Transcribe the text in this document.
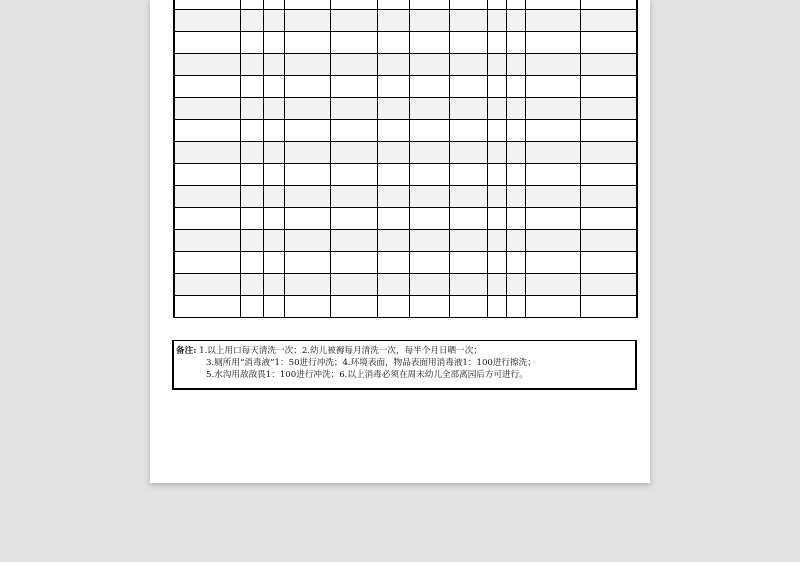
备注: 1.以上用口每天清洗一次；2.幼儿被褥每月清洗一次，每半个月日晒一次；
3.厕所用“消毒液”1：50进行冲洗；4.环境表面，物品表面用消毒液1：100进行擦洗；
5.水沟用敌敌畏1：100进行冲洗；6.以上消毒必须在周末幼儿全部离园后方可进行。
